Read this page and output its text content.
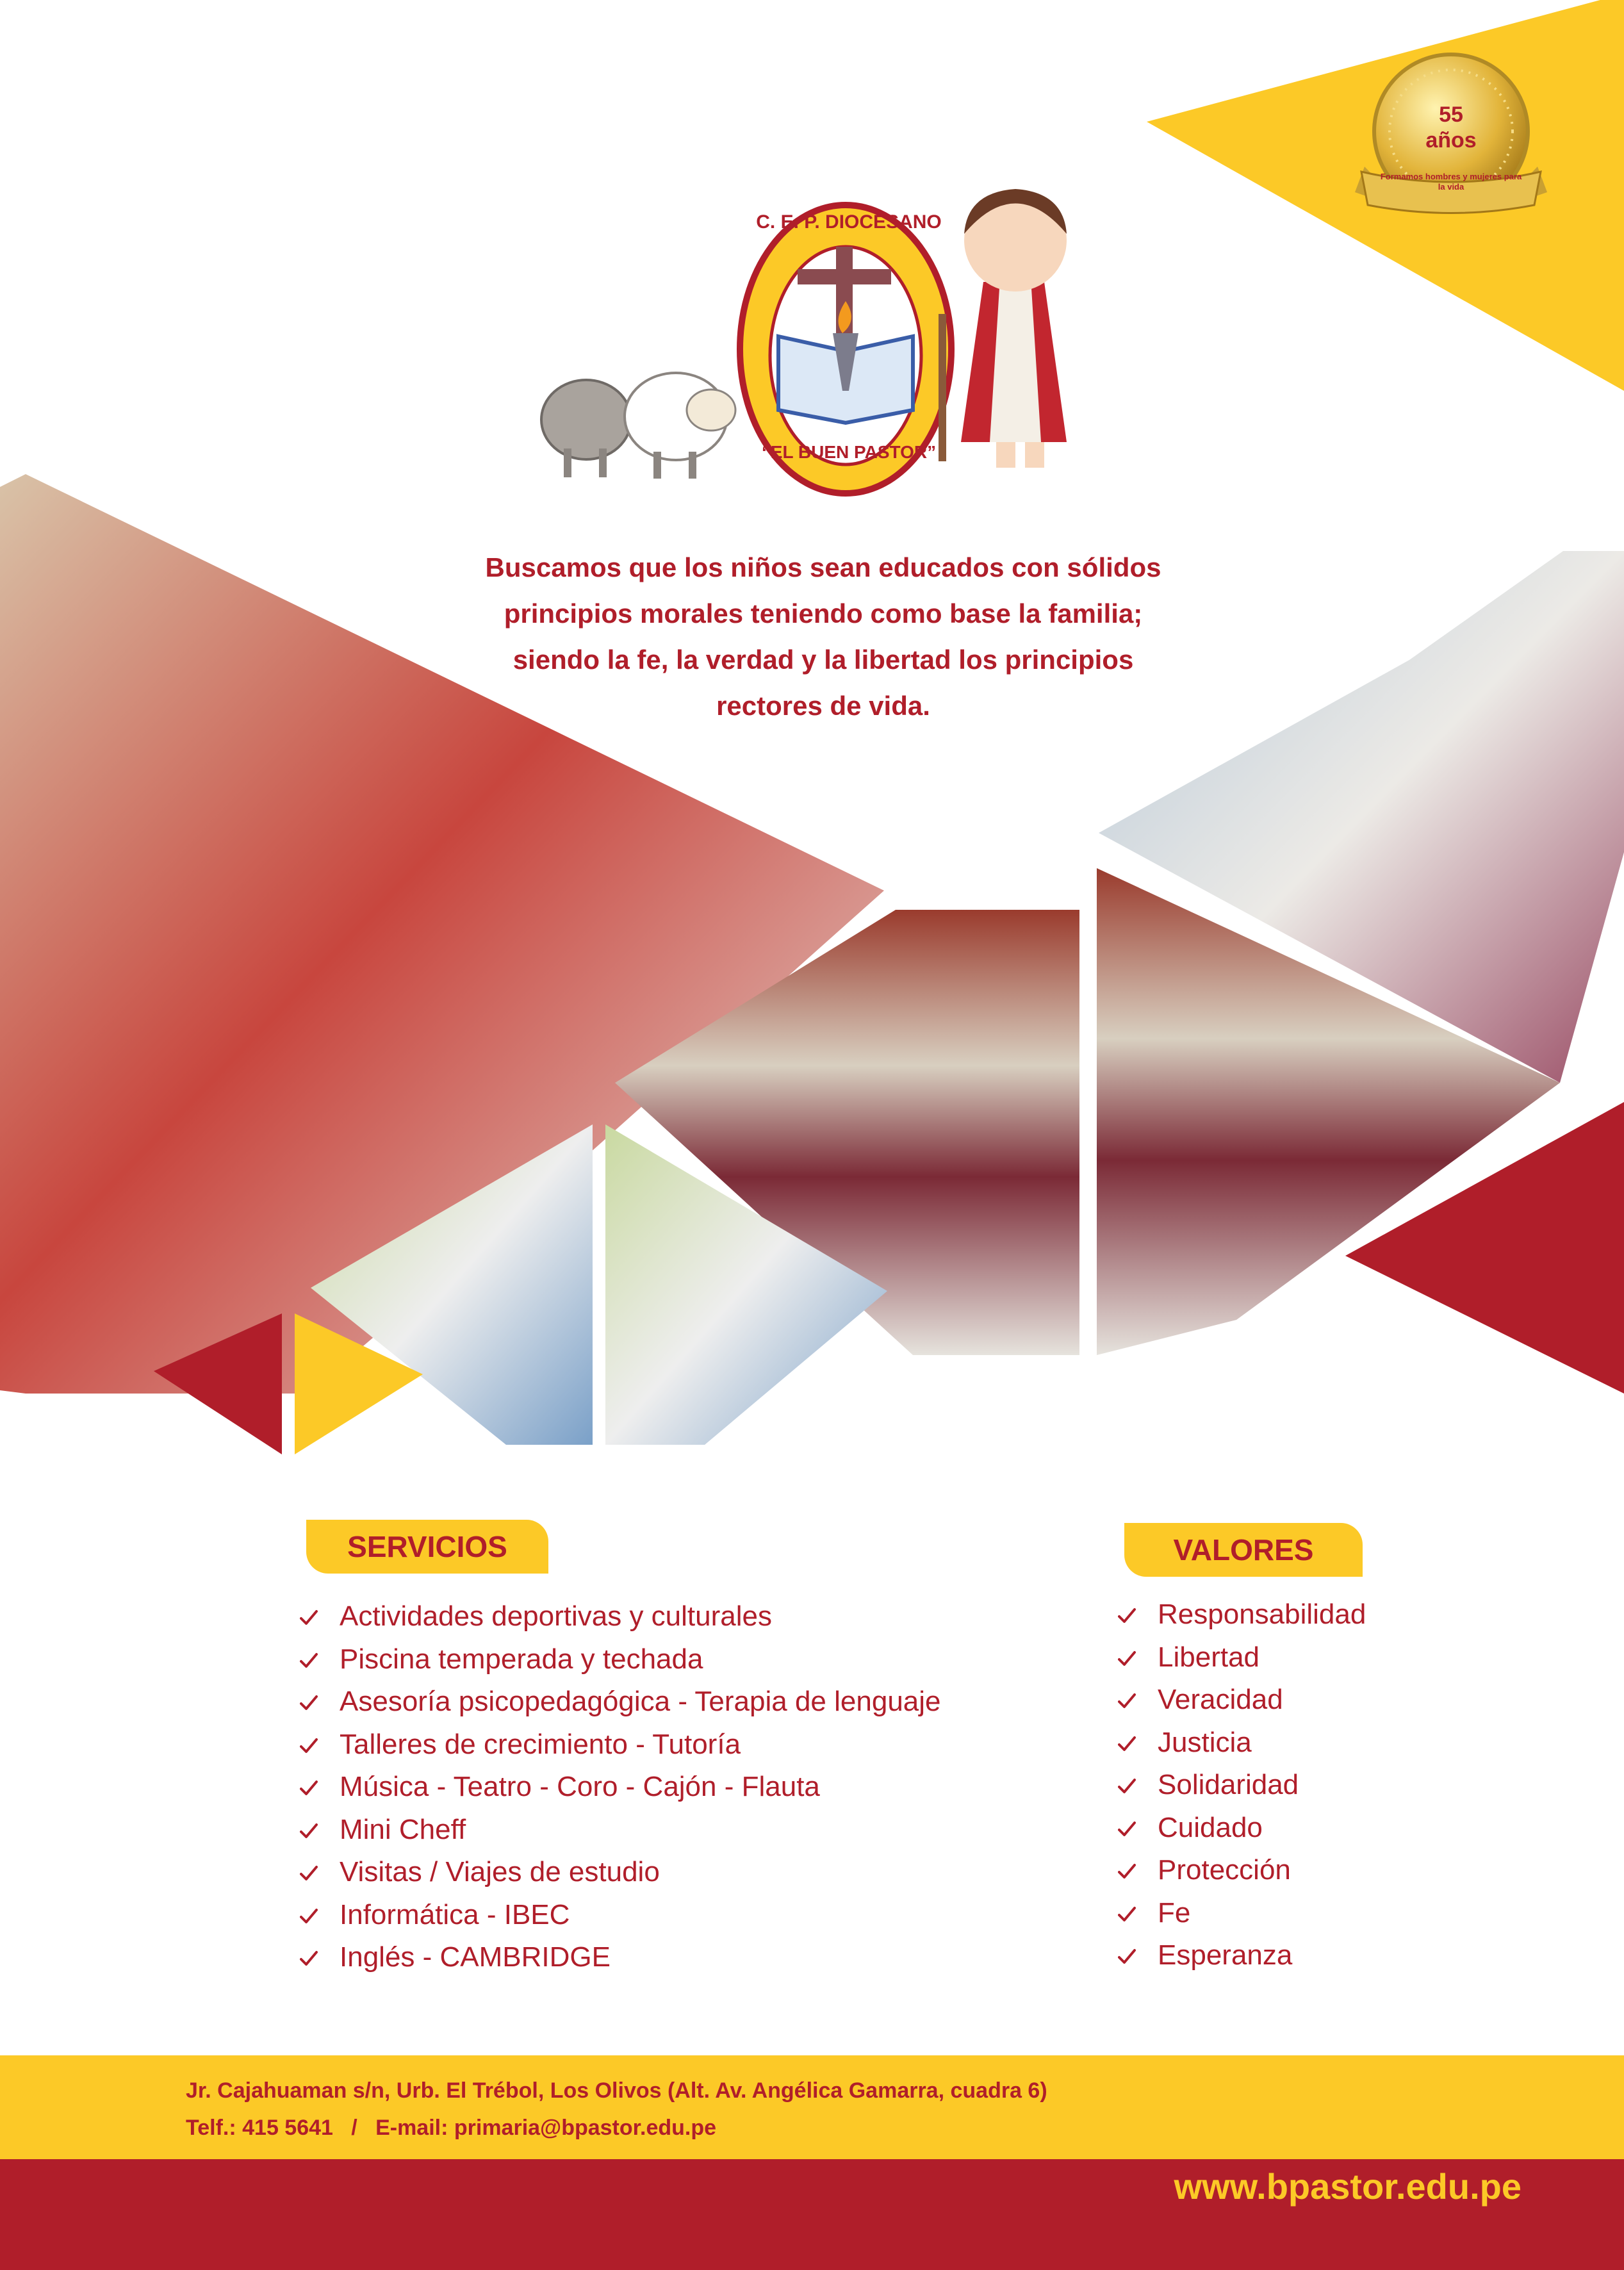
55
años
Formamos hombres y mujeres para la vida
C. E. P. DIOCESANO
“EL BUEN PASTOR”
Buscamos que los niños sean educados con sólidos
principios morales teniendo como base la familia;
siendo la fe, la verdad y la libertad los principios
rectores de vida.
SERVICIOS
Actividades deportivas y culturales
Piscina temperada y techada
Asesoría psicopedagógica - Terapia de lenguaje
Talleres de crecimiento - Tutoría
Música - Teatro - Coro - Cajón - Flauta
Mini Cheff
Visitas / Viajes de estudio
Informática - IBEC
Inglés - CAMBRIDGE
VALORES
Responsabilidad
Libertad
Veracidad
Justicia
Solidaridad
Cuidado
Protección
Fe
Esperanza
Jr. Cajahuaman s/n, Urb. El Trébol, Los Olivos (Alt. Av. Angélica Gamarra, cuadra 6)
Telf.: 415 5641   /   E-mail: primaria@bpastor.edu.pe
www.bpastor.edu.pe
